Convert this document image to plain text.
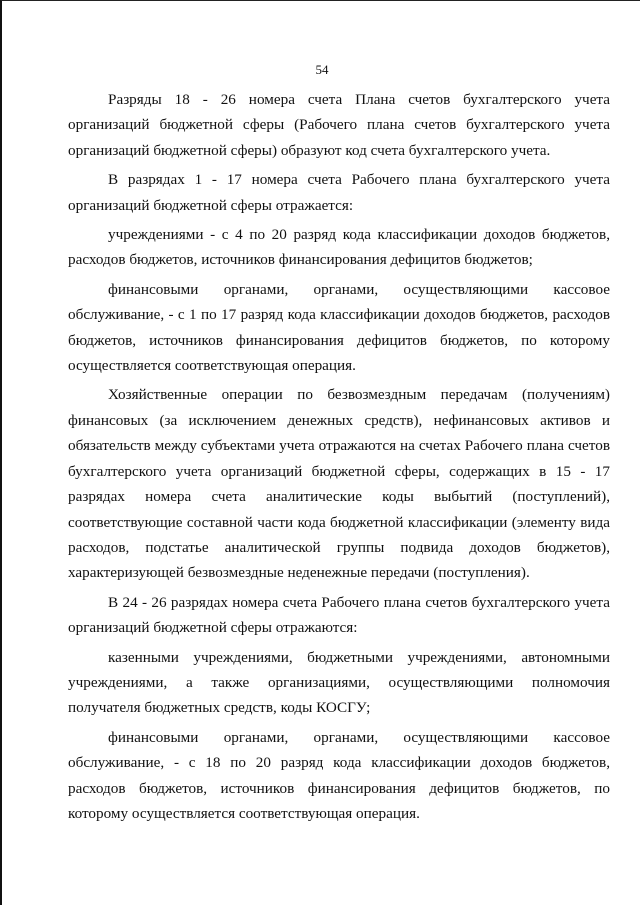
54

Разряды 18 - 26 номера счета Плана счетов бухгалтерского учета организаций бюджетной сферы (Рабочего плана счетов бухгалтерского учета организаций бюджетной сферы) образуют код счета бухгалтерского учета.

В разрядах 1 - 17 номера счета Рабочего плана бухгалтерского учета организаций бюджетной сферы отражается:

учреждениями - с 4 по 20 разряд кода классификации доходов бюджетов, расходов бюджетов, источников финансирования дефицитов бюджетов;

финансовыми органами, органами, осуществляющими кассовое обслуживание, - с 1 по 17 разряд кода классификации доходов бюджетов, расходов бюджетов, источников финансирования дефицитов бюджетов, по которому осуществляется соответствующая операция.

Хозяйственные операции по безвозмездным передачам (получениям) финансовых (за исключением денежных средств), нефинансовых активов и обязательств между субъектами учета отражаются на счетах Рабочего плана счетов бухгалтерского учета организаций бюджетной сферы, содержащих в 15 - 17 разрядах номера счета аналитические коды выбытий (поступлений), соответствующие составной части кода бюджетной классификации (элементу вида расходов, подстатье аналитической группы подвида доходов бюджетов), характеризующей безвозмездные неденежные передачи (поступления).

В 24 - 26 разрядах номера счета Рабочего плана счетов бухгалтерского учета организаций бюджетной сферы отражаются:

казенными учреждениями, бюджетными учреждениями, автономными учреждениями, а также организациями, осуществляющими полномочия получателя бюджетных средств, коды КОСГУ;

финансовыми органами, органами, осуществляющими кассовое обслуживание, - с 18 по 20 разряд кода классификации доходов бюджетов, расходов бюджетов, источников финансирования дефицитов бюджетов, по которому осуществляется соответствующая операция.
